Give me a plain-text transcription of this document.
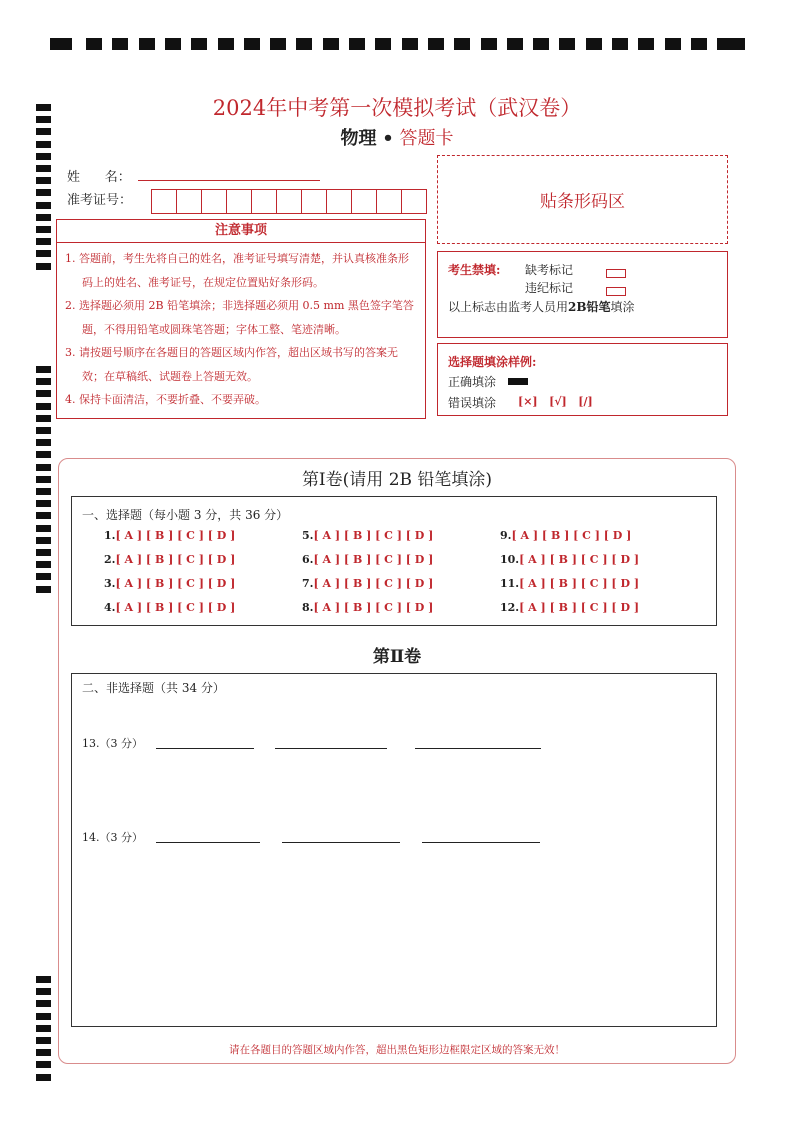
2024年中考第一次模拟考试（武汉卷）
物理 • 答题卡
姓      名：
准考证号：	贴条形码区
注意事项

1. 答题前，考生先将自己的姓名，准考证号填写清楚，并认真核准条形码上的姓名、准考证号，在规定位置贴好条形码。

2. 选择题必须用 2B 铅笔填涂；非选择题必须用 0.5 mm 黑色签字笔答题，不得用铅笔或圆珠笔答题；字体工整、笔迹清晰。

3. 请按题号顺序在各题目的答题区域内作答，超出区域书写的答案无效；在草稿纸、试题卷上答题无效。

4. 保持卡面清洁，不要折叠、不要弄破。

考生禁填: 缺考标记
违纪标记
以上标志由监考人员用2B铅笔填涂
选择题填涂样例:
正确填涂
错误填涂 [×]   [√]   [/]
第Ⅰ卷(请用 2B 铅笔填涂)
一、选择题（每小题 3 分，共 36 分）
1.[ A ] [ B ] [ C ] [ D ]
2.[ A ] [ B ] [ C ] [ D ]
3.[ A ] [ B ] [ C ] [ D ]
4.[ A ] [ B ] [ C ] [ D ]
5.[ A ] [ B ] [ C ] [ D ]
6.[ A ] [ B ] [ C ] [ D ]
7.[ A ] [ B ] [ C ] [ D ]
8.[ A ] [ B ] [ C ] [ D ]
9.[ A ] [ B ] [ C ] [ D ]
10.[ A ] [ B ] [ C ] [ D ]
11.[ A ] [ B ] [ C ] [ D ]
12.[ A ] [ B ] [ C ] [ D ]
第Ⅱ卷
二、非选择题（共 34 分）
13.（3 分）
14.（3 分）
请在各题目的答题区域内作答，超出黑色矩形边框限定区域的答案无效！
